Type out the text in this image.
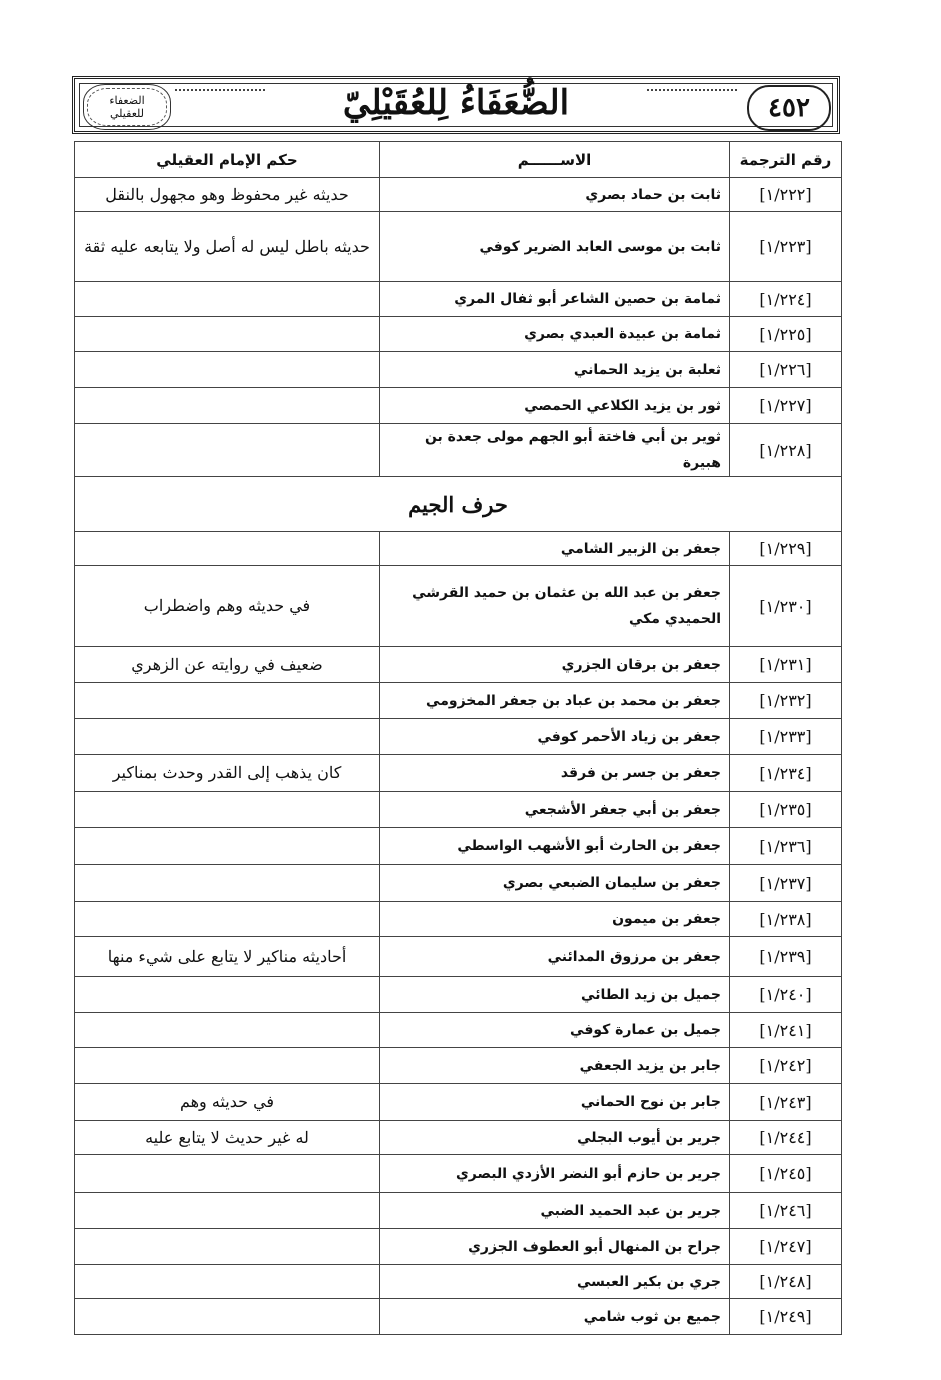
٤٥٢
الضُّعَفَاءُ لِلعُقَيْلِيّ
الضعفاء
للعقيلي
رقم الترجمة	الاســــــم	حكم الإمام العقيلي
[١/٢٢٢]	ثابت بن حماد بصري	حديثه غير محفوظ وهو مجهول بالنقل
[١/٢٢٣]	ثابت بن موسى العابد الضرير كوفي	حديثه باطل ليس له أصل ولا يتابعه عليه ثقة
[١/٢٢٤]	ثمامة بن حصين الشاعر أبو ثفال المري	
[١/٢٢٥]	ثمامة بن عبيدة العبدي بصري	
[١/٢٢٦]	ثعلبة بن يزيد الحماني	
[١/٢٢٧]	ثور بن يزيد الكلاعي الحمصي	
[١/٢٢٨]	ثوير بن أبي فاختة أبو الجهم مولى جعدة بن هبيرة	
حرف الجيم		
[١/٢٢٩]	جعفر بن الزبير الشامي	
[١/٢٣٠]	جعفر بن عبد الله بن عثمان بن حميد القرشي الحميدي مكي	في حديثه وهم واضطراب
[١/٢٣١]	جعفر بن برقان الجزري	ضعيف في روايته عن الزهري
[١/٢٣٢]	جعفر بن محمد بن عباد بن جعفر المخزومي	
[١/٢٣٣]	جعفر بن زياد الأحمر كوفي	
[١/٢٣٤]	جعفر بن جسر بن فرقد	كان يذهب إلى القدر وحدث بمناكير
[١/٢٣٥]	جعفر بن أبي جعفر الأشجعي	
[١/٢٣٦]	جعفر بن الحارث أبو الأشهب الواسطي	
[١/٢٣٧]	جعفر بن سليمان الضبعي بصري	
[١/٢٣٨]	جعفر بن ميمون	
[١/٢٣٩]	جعفر بن مرزوق المدائني	أحاديثه مناكير لا يتابع على شيء منها
[١/٢٤٠]	جميل بن زيد الطائي	
[١/٢٤١]	جميل بن عمارة كوفي	
[١/٢٤٢]	جابر بن يزيد الجعفي	
[١/٢٤٣]	جابر بن نوح الحماني	في حديثه وهم
[١/٢٤٤]	جرير بن أيوب البجلي	له غير حديث لا يتابع عليه
[١/٢٤٥]	جرير بن حازم أبو النضر الأزدي البصري	
[١/٢٤٦]	جرير بن عبد الحميد الضبي	
[١/٢٤٧]	جراح بن المنهال أبو العطوف الجزري	
[١/٢٤٨]	جري بن بكير العبسي	
[١/٢٤٩]	جميع بن ثوب شامي	
